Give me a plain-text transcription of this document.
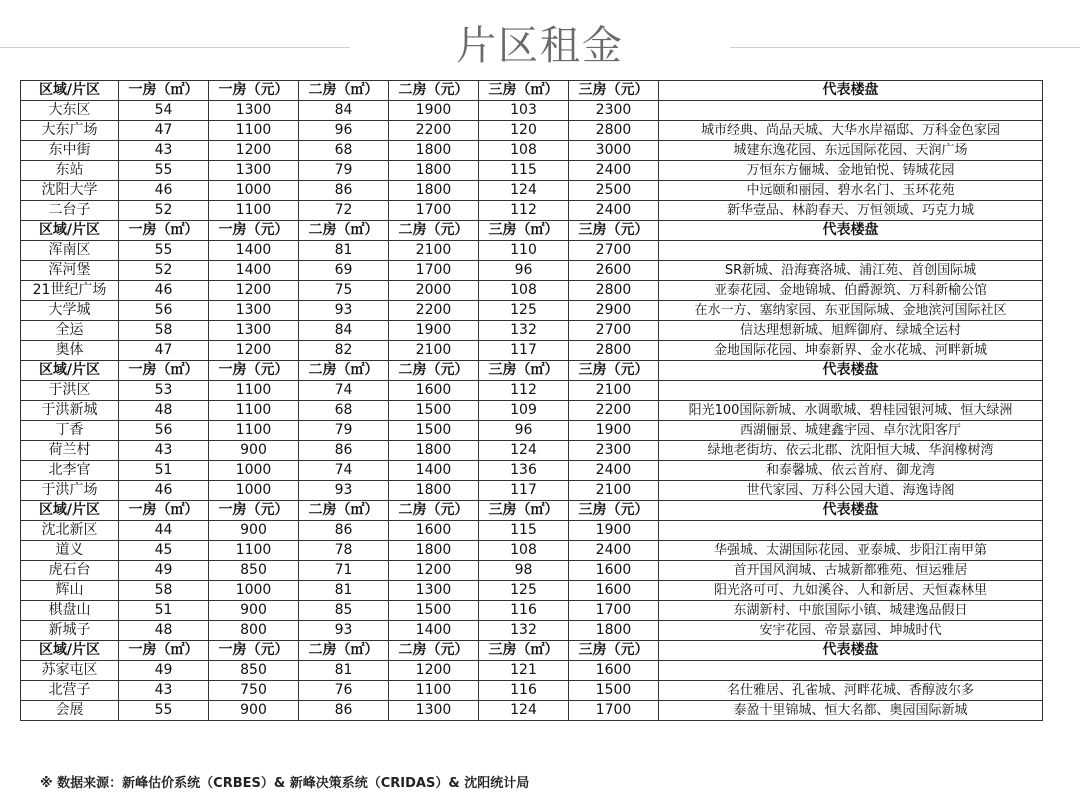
片区租金
区域/片区	一房（㎡）	一房（元）	二房（㎡）	二房（元）	三房（㎡）	三房（元）	代表楼盘
大东区	54	1300	84	1900	103	2300	
大东广场	47	1100	96	2200	120	2800	城市经典、尚品天城、大华水岸福邸、万科金色家园
东中街	43	1200	68	1800	108	3000	城建东逸花园、东远国际花园、天润广场
东站	55	1300	79	1800	115	2400	万恒东方俪城、金地铂悦、铸城花园
沈阳大学	46	1000	86	1800	124	2500	中远颐和丽园、碧水名门、玉环花苑
二台子	52	1100	72	1700	112	2400	新华壹品、林韵春天、万恒领域、巧克力城
区域/片区	一房（㎡）	一房（元）	二房（㎡）	二房（元）	三房（㎡）	三房（元）	代表楼盘
浑南区	55	1400	81	2100	110	2700	
浑河堡	52	1400	69	1700	96	2600	SR新城、沿海赛洛城、浦江苑、首创国际城
21世纪广场	46	1200	75	2000	108	2800	亚泰花园、金地锦城、伯爵源筑、万科新榆公馆
大学城	56	1300	93	2200	125	2900	在水一方、塞纳家园、东亚国际城、金地滨河国际社区
全运	58	1300	84	1900	132	2700	信达理想新城、旭辉御府、绿城全运村
奥体	47	1200	82	2100	117	2800	金地国际花园、坤泰新界、金水花城、河畔新城
区域/片区	一房（㎡）	一房（元）	二房（㎡）	二房（元）	三房（㎡）	三房（元）	代表楼盘
于洪区	53	1100	74	1600	112	2100	
于洪新城	48	1100	68	1500	109	2200	阳光100国际新城、水调歌城、碧桂园银河城、恒大绿洲
丁香	56	1100	79	1500	96	1900	西湖俪景、城建鑫宇园、卓尔沈阳客厅
荷兰村	43	900	86	1800	124	2300	绿地老街坊、依云北郡、沈阳恒大城、华润橡树湾
北李官	51	1000	74	1400	136	2400	和泰馨城、依云首府、御龙湾
于洪广场	46	1000	93	1800	117	2100	世代家园、万科公园大道、海逸诗阁
区域/片区	一房（㎡）	一房（元）	二房（㎡）	二房（元）	三房（㎡）	三房（元）	代表楼盘
沈北新区	44	900	86	1600	115	1900	
道义	45	1100	78	1800	108	2400	华强城、太湖国际花园、亚泰城、步阳江南甲第
虎石台	49	850	71	1200	98	1600	首开国风润城、古城新都雅苑、恒运雅居
辉山	58	1000	81	1300	125	1600	阳光洛可可、九如溪谷、人和新居、天恒森林里
棋盘山	51	900	85	1500	116	1700	东湖新村、中旅国际小镇、城建逸品假日
新城子	48	800	93	1400	132	1800	安宇花园、帝景嘉园、坤城时代
区域/片区	一房（㎡）	一房（元）	二房（㎡）	二房（元）	三房（㎡）	三房（元）	代表楼盘
苏家屯区	49	850	81	1200	121	1600	
北营子	43	750	76	1100	116	1500	名仕雅居、孔雀城、河畔花城、香醇波尔多
会展	55	900	86	1300	124	1700	泰盈十里锦城、恒大名都、奥园国际新城
※ 数据来源：新峰估价系统（CRBES）& 新峰决策系统（CRIDAS）& 沈阳统计局
